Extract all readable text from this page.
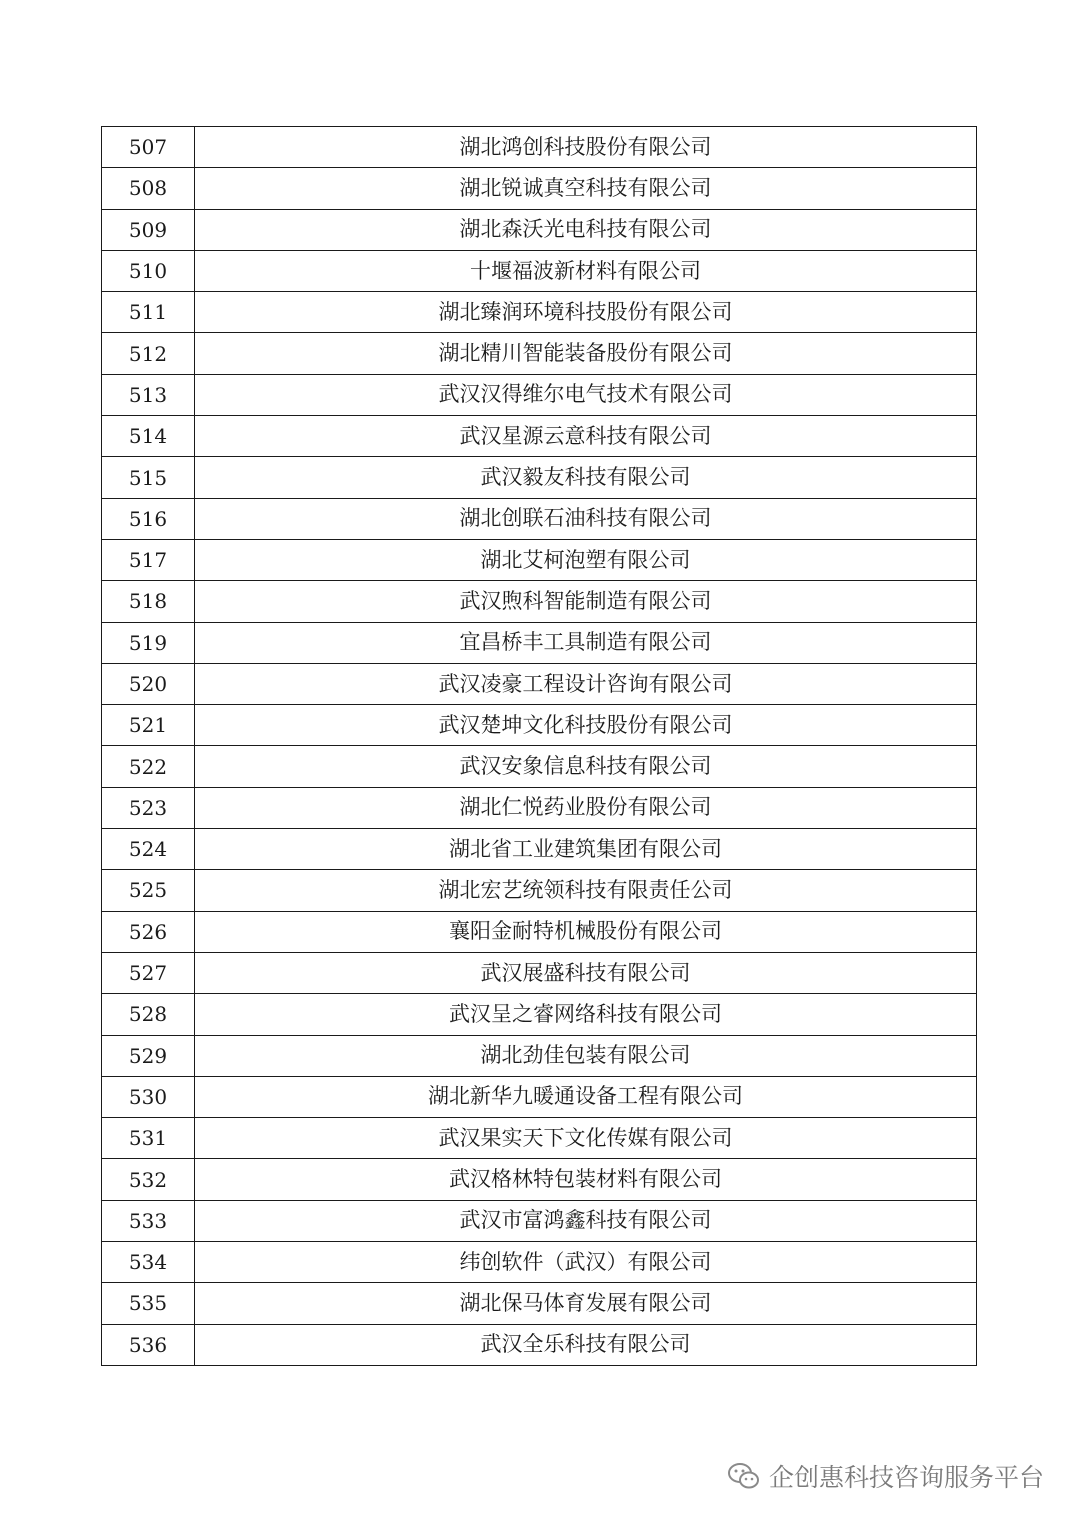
507	湖北鸿创科技股份有限公司
508	湖北锐诚真空科技有限公司
509	湖北森沃光电科技有限公司
510	十堰福波新材料有限公司
511	湖北臻润环境科技股份有限公司
512	湖北精川智能装备股份有限公司
513	武汉汉得维尔电气技术有限公司
514	武汉星源云意科技有限公司
515	武汉毅友科技有限公司
516	湖北创联石油科技有限公司
517	湖北艾柯泡塑有限公司
518	武汉煦科智能制造有限公司
519	宜昌桥丰工具制造有限公司
520	武汉凌豪工程设计咨询有限公司
521	武汉楚坤文化科技股份有限公司
522	武汉安象信息科技有限公司
523	湖北仁悦药业股份有限公司
524	湖北省工业建筑集团有限公司
525	湖北宏艺统领科技有限责任公司
526	襄阳金耐特机械股份有限公司
527	武汉展盛科技有限公司
528	武汉呈之睿网络科技有限公司
529	湖北劲佳包装有限公司
530	湖北新华九暖通设备工程有限公司
531	武汉果实天下文化传媒有限公司
532	武汉格林特包装材料有限公司
533	武汉市富鸿鑫科技有限公司
534	纬创软件（武汉）有限公司
535	湖北保马体育发展有限公司
536	武汉全乐科技有限公司
企创惠科技咨询服务平台
